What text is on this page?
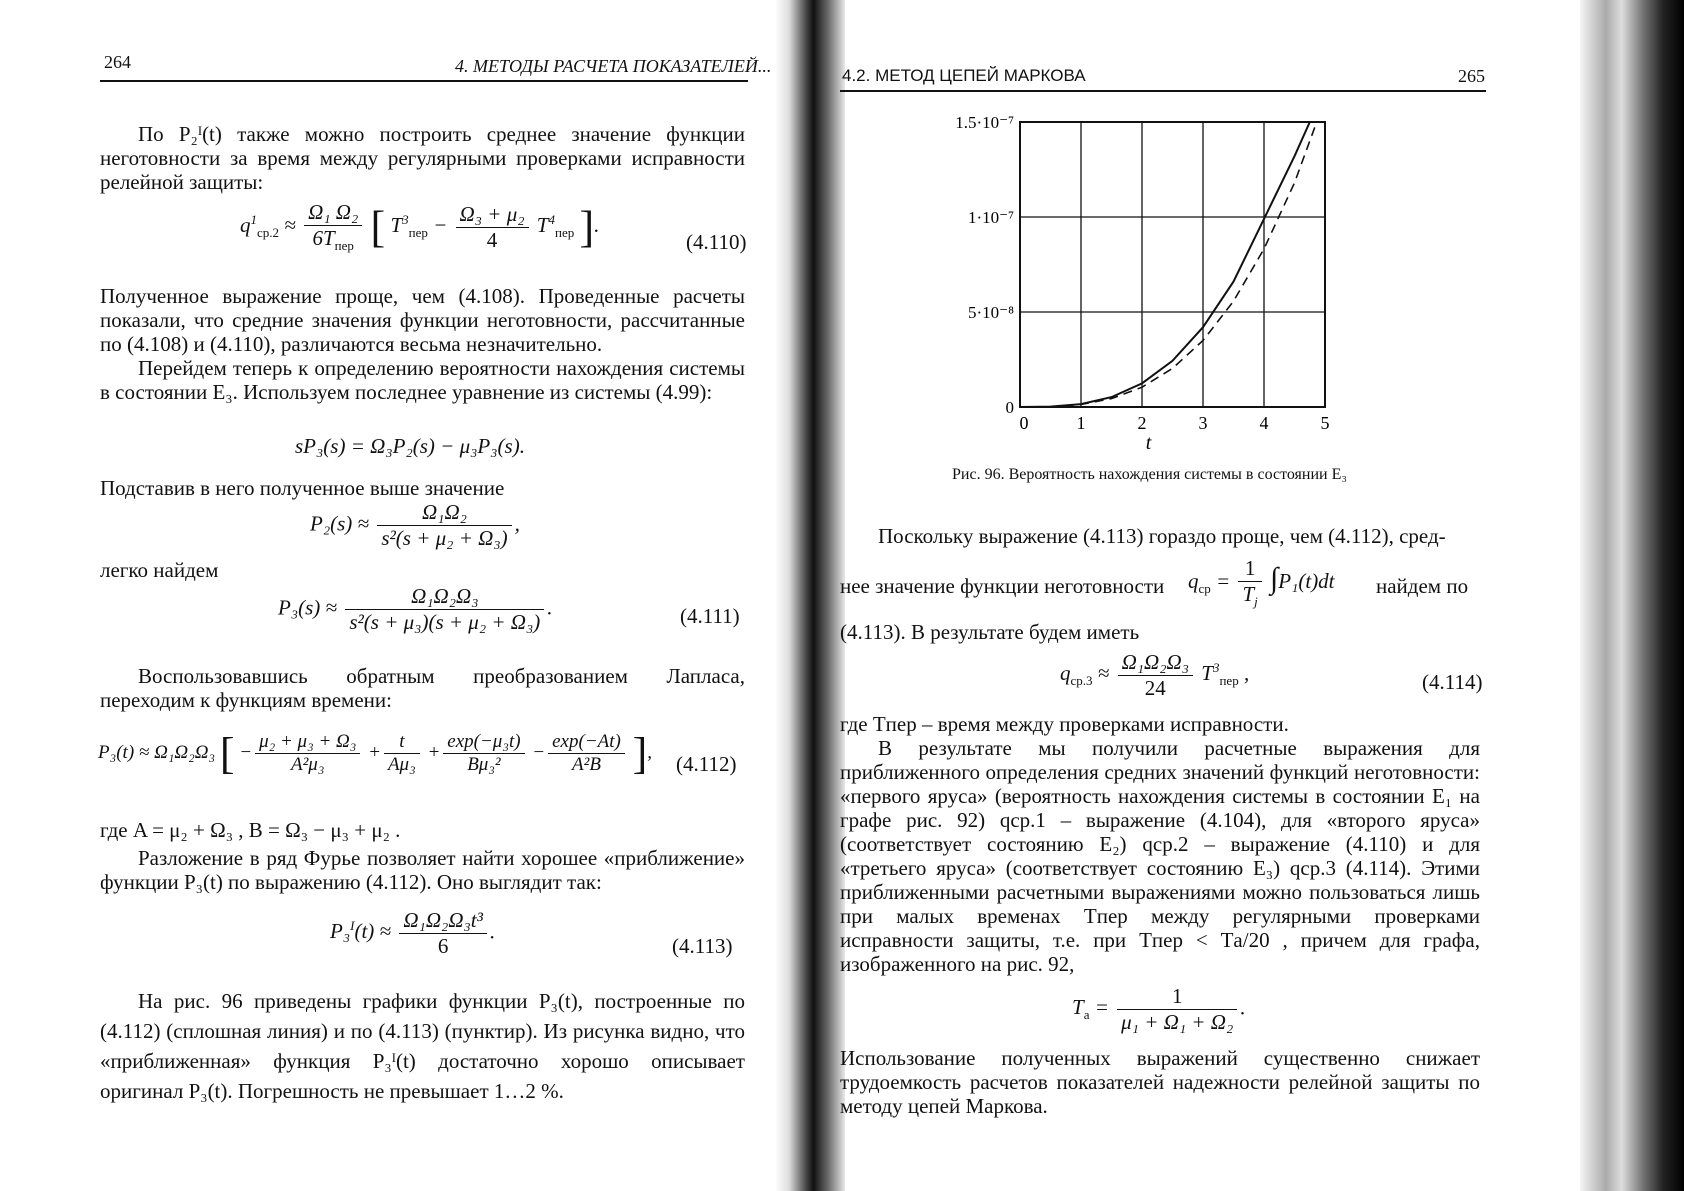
264	4. МЕТОДЫ РАСЧЕТА ПОКАЗАТЕЛЕЙ...
По P₂ᴵ(t) также можно построить среднее значение функции неготовности за время между регулярными проверками исправности релейной защиты:
$q^1_{ср.2} \approx \frac{\text{Ω₁ Ω₂}}{6T_{пер}}$ [ $T^3_{пер} - \frac{\text{Ω₃ + μ₂}}{4} T^4_{пер}$ ].
(4.110)
Полученное выражение проще, чем (4.108). Проведенные расчеты показали, что средние значения функции неготовности, рассчитанные по (4.108) и (4.110), различаются весьма незначительно.
Перейдем теперь к определению вероятности нахождения системы в состоянии E₃. Используем последнее уравнение из системы (4.99):
sP₃(s) = Ω₃P₂(s) − μ₃P₃(s).
Подставив в него полученное выше значение
$P_2(s) \approx \frac{\text{Ω₁Ω₂}}{\text{s²(s + μ₂ + Ω₃)}}$ ,
легко найдем
$P_3(s) \approx \frac{\text{Ω₁Ω₂Ω₃}}{\text{s²(s + μ₃)(s + μ₂ + Ω₃)}}$ .	(4.111)
Воспользовавшись обратным преобразованием Лапласа, переходим к функциям времени:
P₃(t) ≈ Ω₁Ω₂Ω₃ [ − $\frac{\text{μ₂ + μ₃ + Ω₃}}{\text{A²μ₃}} + \frac{t}{\text{Aμ₃}} + \frac{\text{exp(−μ₃t)}}{\text{Bμ₃²}} - \frac{\exp(-At)}{\text{A²B}}$ ], (4.112)
где A = μ₂ + Ω₃ , B = Ω₃ − μ₃ + μ₂ .
Разложение в ряд Фурье позволяет найти хорошее «приближение» функции P₃(t) по выражению (4.112). Оно выглядит так:
$P_3^I(t) \approx \frac{\text{Ω₁Ω₂Ω₃t³}}{6}$ .
(4.113)
На рис. 96 приведены графики функции P₃(t), построенные по (4.112) (сплошная линия) и по (4.113) (пунктир). Из рисунка видно, что «приближенная» функция P₃ᴵ(t) достаточно хорошо описывает оригинал P₃(t). Погрешность не превышает 1…2 %.
4.2. МЕТОД ЦЕПЕЙ МАРКОВА	265
0	1	2	3	4	5
0
5·10⁻⁸
1·10⁻⁷
1.5·10⁻⁷
t
Рис. 96. Вероятность нахождения системы в состоянии E₃
Поскольку выражение (4.113) гораздо проще, чем (4.112), сред-
нее значение функции неготовности $q_{ср} = \frac{1}{T_j} \int P_1(t)dt$ найдем по
(4.113). В результате будем иметь
$q_{ср.3} \approx \frac{\text{Ω₁Ω₂Ω₃}}{24} T^3_{пер}$ ,	(4.114)
где Tпер – время между проверками исправности.
В результате мы получили расчетные выражения для приближенного определения средних значений функций неготовности: «первого яруса» (вероятность нахождения системы в состоянии E₁ на графе рис. 92) qср.1 – выражение (4.104), для «второго яруса» (соответствует состоянию E₂) qср.2 – выражение (4.110) и для «третьего яруса» (соответствует состоянию E₃) qср.3 (4.114). Этими приближенными расчетными выражениями можно пользоваться лишь при малых временах Tпер между регулярными проверками исправности защиты, т.е. при Tпер < Tа/20 , причем для графа, изображенного на рис. 92,
$T_а = \frac{1}{\text{μ₁ + Ω₁ + Ω₂}}$ .
Использование полученных выражений существенно снижает трудоемкость расчетов показателей надежности релейной защиты по методу цепей Маркова.
